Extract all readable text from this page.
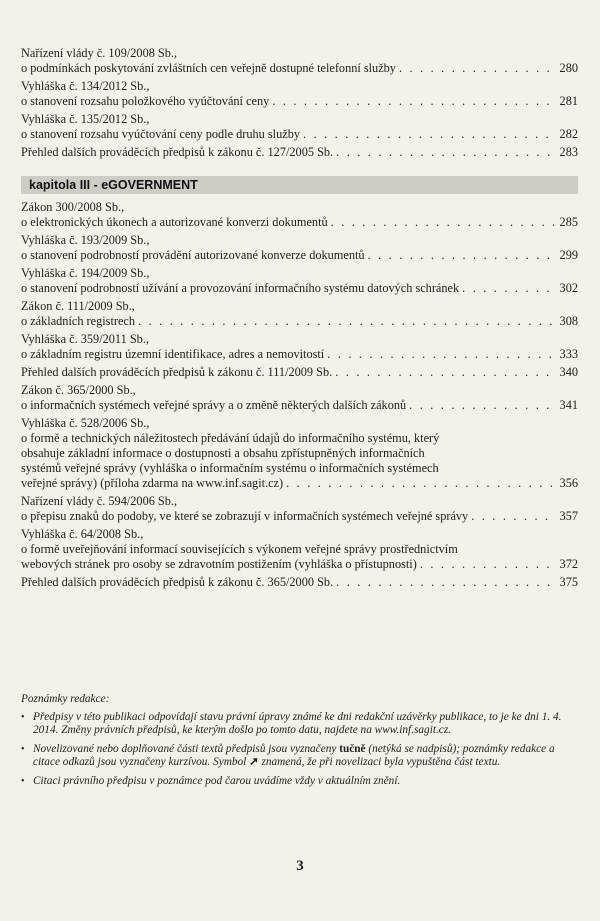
Nařízení vlády č. 109/2008 Sb.,
o podmínkách poskytování zvláštních cen veřejně dostupné telefonní služby . . .	280
Vyhláška č. 134/2012 Sb.,
o stanovení rozsahu položkového vyúčtování ceny . . .	281
Vyhláška č. 135/2012 Sb.,
o stanovení rozsahu vyúčtování ceny podle druhu služby . . .	282
Přehled dalších prováděcích předpisů k zákonu č. 127/2005 Sb. . . .	283
kapitola III - eGOVERNMENT
Zákon 300/2008 Sb.,
o elektronických úkonech a autorizované konverzi dokumentů . . .	285
Vyhláška č. 193/2009 Sb.,
o stanovení podrobností provádění autorizované konverze dokumentů . . .	299
Vyhláška č. 194/2009 Sb.,
o stanovení podrobností užívání a provozování informačního systému datových schránek . . .	302
Zákon č. 111/2009 Sb.,
o základních registrech . . .	308
Vyhláška č. 359/2011 Sb.,
o základním registru územní identifikace, adres a nemovitostí . . .	333
Přehled dalších prováděcích předpisů k zákonu č. 111/2009 Sb. . . .	340
Zákon č. 365/2000 Sb.,
o informačních systémech veřejné správy a o změně některých dalších zákonů . . .	341
Vyhláška č. 528/2006 Sb.,
o formě a technických náležitostech předávání údajů do informačního systému, který
obsahuje základní informace o dostupnosti a obsahu zpřístupněných informačních
systémů veřejné správy (vyhláška o informačním systému o informačních systémech
veřejné správy) (příloha zdarma na www.inf.sagit.cz) . . .	356
Nařízení vlády č. 594/2006 Sb.,
o přepisu znaků do podoby, ve které se zobrazují v informačních systémech veřejné správy . . .	357
Vyhláška č. 64/2008 Sb.,
o formě uveřejňování informací souvisejících s výkonem veřejné správy prostřednictvím
webových stránek pro osoby se zdravotním postižením (vyhláška o přístupnosti) . . .	372
Přehled dalších prováděcích předpisů k zákonu č. 365/2000 Sb. . . .	375
Poznámky redakce:
• Předpisy v této publikaci odpovídají stavu právní úpravy známé ke dni redakční uzávěrky publikace, to je ke dni 1. 4. 2014. Změny právních předpisů, ke kterým došlo po tomto datu, najdete na www.inf.sagit.cz.
• Novelizované nebo doplňované části textů předpisů jsou vyznačeny tučně (netýká se nadpisů); poznámky redakce a citace odkazů jsou vyznačeny kurzívou. Symbol ➚ znamená, že při novelizaci byla vypuštěna část textu.
• Citaci právního předpisu v poznámce pod čarou uvádíme vždy v aktuálním znění.
3
